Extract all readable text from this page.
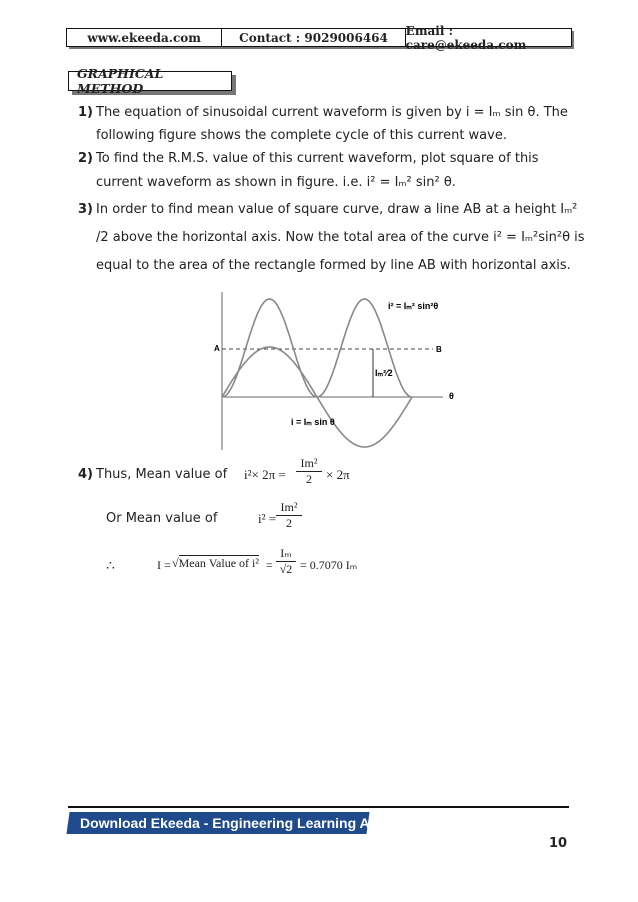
www.ekeeda.com	Contact : 9029006464	Email : care@ekeeda.com
GRAPHICAL METHOD
1) The equation of sinusoidal current waveform is given by i = Iₘ sin θ. The
following figure shows the complete cycle of this current wave.
2) To find the R.M.S. value of this current waveform, plot square of this
current waveform as shown in figure. i.e. i² = Iₘ² sin² θ.
3) In order to find mean value of square curve, draw a line AB at a height Iₘ²
/2 above the horizontal axis. Now the total area of the curve i² = Iₘ²sin²θ is
equal to the area of the rectangle formed by line AB with horizontal axis.
i² = Iₘ² sin²θ
A	B
θ
Iₘ²⁄2
i = Iₘ sin θ
4) Thus, Mean value of $i^2\times 2\pi = \frac{\text{Im²}}{2} \times 2\pi$
Or Mean value of	$i^2 = \frac{\text{Im²}}{2}$
∴	I = √Mean Value of $i^2 = \frac{\text{Iₘ}}{√2} = 0.7070$ Iₘ
Download Ekeeda - Engineering Learning App
10
